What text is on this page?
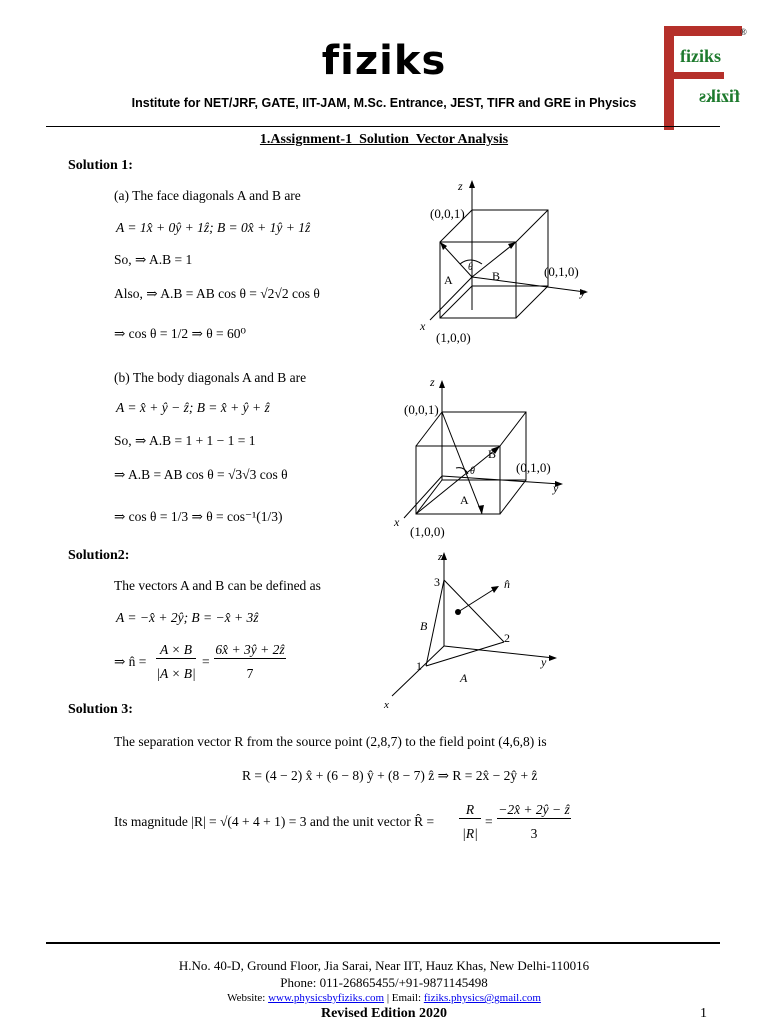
fiziks
Institute for NET/JRF, GATE, IIT-JAM, M.Sc. Entrance, JEST, TIFR and GRE in Physics
fiziks
fiziks
®
1.Assignment-1_Solution_Vector Analysis
Solution 1:
(a) The face diagonals A and B are
A = 1x̂ + 0ŷ + 1ẑ; B = 0x̂ + 1ŷ + 1ẑ
So, ⇒ A.B = 1
Also, ⇒ A.B = AB cos θ = √2√2 cos θ
⇒ cos θ = 1/2 ⇒ θ = 60⁰
z
y
x
(0,0,1)
(0,1,0)
(1,0,0)
A	B
θ
(b) The body diagonals A and B are
A = x̂ + ŷ − ẑ; B = x̂ + ŷ + ẑ
So, ⇒ A.B = 1 + 1 − 1 = 1
⇒ A.B = AB cos θ = √3√3 cos θ
⇒ cos θ = 1/3 ⇒ θ = cos⁻¹(1/3)
z
y
x
(0,0,1)
(0,1,0)
(1,0,0)
A
B
θ
Solution2:
The vectors A and B can be defined as
A = −x̂ + 2ŷ; B = −x̂ + 3ẑ
⇒ n̂ =
A × B
|A × B|
=
6x̂ + 3ŷ + 2ẑ
7
z
y
x
n̂
1
2
3
A
B
Solution 3:
The separation vector R from the source point (2,8,7) to the field point (4,6,8) is
R = (4 − 2) x̂ + (6 − 8) ŷ + (8 − 7) ẑ ⇒ R = 2x̂ − 2ŷ + ẑ
Its magnitude |R| = √(4 + 4 + 1) = 3 and the unit vector R̂ =
R
|R|
=
−2x̂ + 2ŷ − ẑ
3
H.No. 40-D, Ground Floor, Jia Sarai, Near IIT, Hauz Khas, New Delhi-110016
Phone: 011-26865455/+91-9871145498
Website: www.physicsbyfiziks.com | Email: fiziks.physics@gmail.com
Revised Edition 2020	1
